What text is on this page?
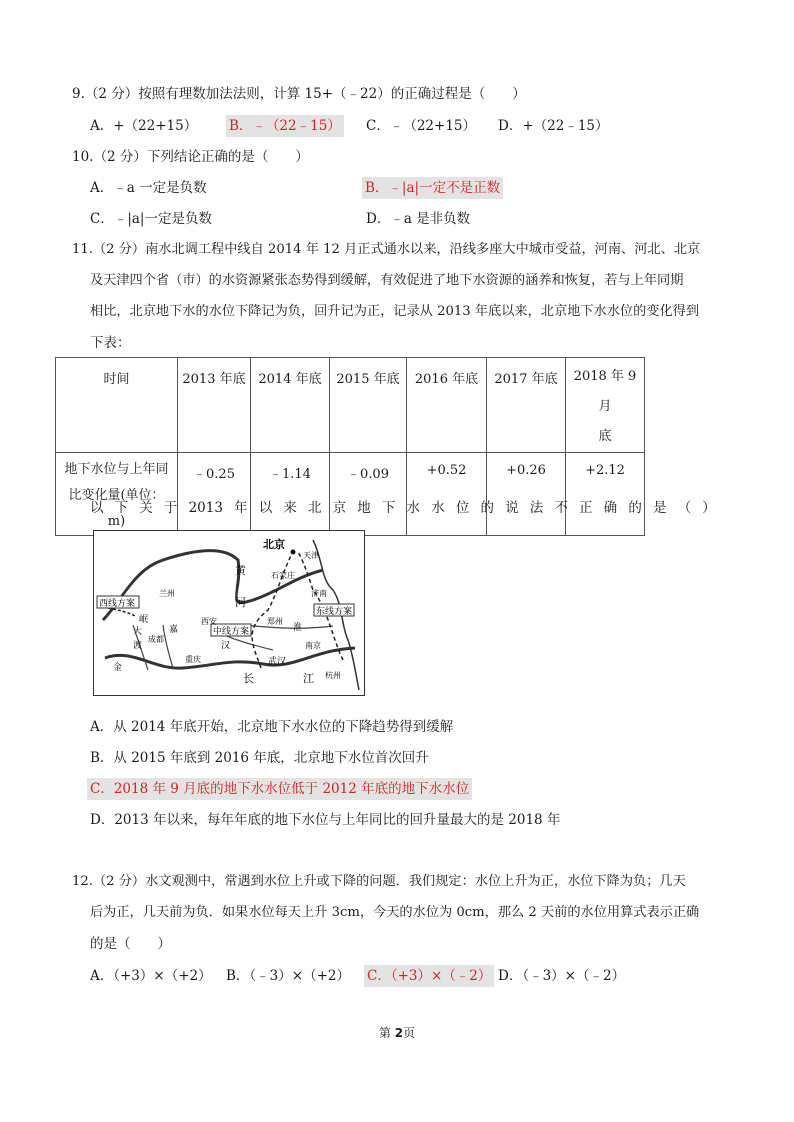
9.（2 分）按照有理数加法法则，计算 15+（﹣22）的正确过程是（　　）
A．+（22+15） B．﹣（22﹣15） C．﹣（22+15） D．+（22﹣15）
10.（2 分）下列结论正确的是（　　）
A．﹣a 一定是负数	B．﹣|a|一定不是正数
C．﹣|a|一定是负数	D．﹣a 是非负数
11.（2 分）南水北调工程中线自 2014 年 12 月正式通水以来，沿线多座大中城市受益，河南、河北、北京
及天津四个省（市）的水资源紧张态势得到缓解，有效促进了地下水资源的涵养和恢复，若与上年同期
相比，北京地下水的水位下降记为负，回升记为正，记录从 2013 年底以来，北京地下水水位的变化得到
下表：
时间	2013 年底	2014 年底	2015 年底	2016 年底	2017 年底	2018 年 9 月
底
地下水位与上年同
比变化量(单位：m)	﹣0.25	﹣1.14	﹣0.09	+0.52	+0.26	+2.12
以 下 关 于 2013 年 以 来 北 京 地 下 水 水 位 的 说 法 不 正 确 的 是 （ ）
西线方案
中线方案
东线方案
北京
天津
石家庄
济南
郑州
西安
武汉
南京
杭州
成都
重庆
兰州
黄
河
长	江
汉
淮
嘉
大
渡
岷
金
A．从 2014 年底开始，北京地下水水位的下降趋势得到缓解
B．从 2015 年底到 2016 年底，北京地下水位首次回升
C．2018 年 9 月底的地下水水位低于 2012 年底的地下水水位
D．2013 年以来，每年年底的地下水位与上年同比的回升量最大的是 2018 年
12.（2 分）水文观测中，常遇到水位上升或下降的问题．我们规定：水位上升为正，水位下降为负；几天
后为正，几天前为负．如果水位每天上升 3cm，今天的水位为 0cm，那么 2 天前的水位用算式表示正确
的是（　　）
A．（+3）×（+2） B．（﹣3）×（+2） C．（+3）×（﹣2） D．（﹣3）×（﹣2）
第 2页
